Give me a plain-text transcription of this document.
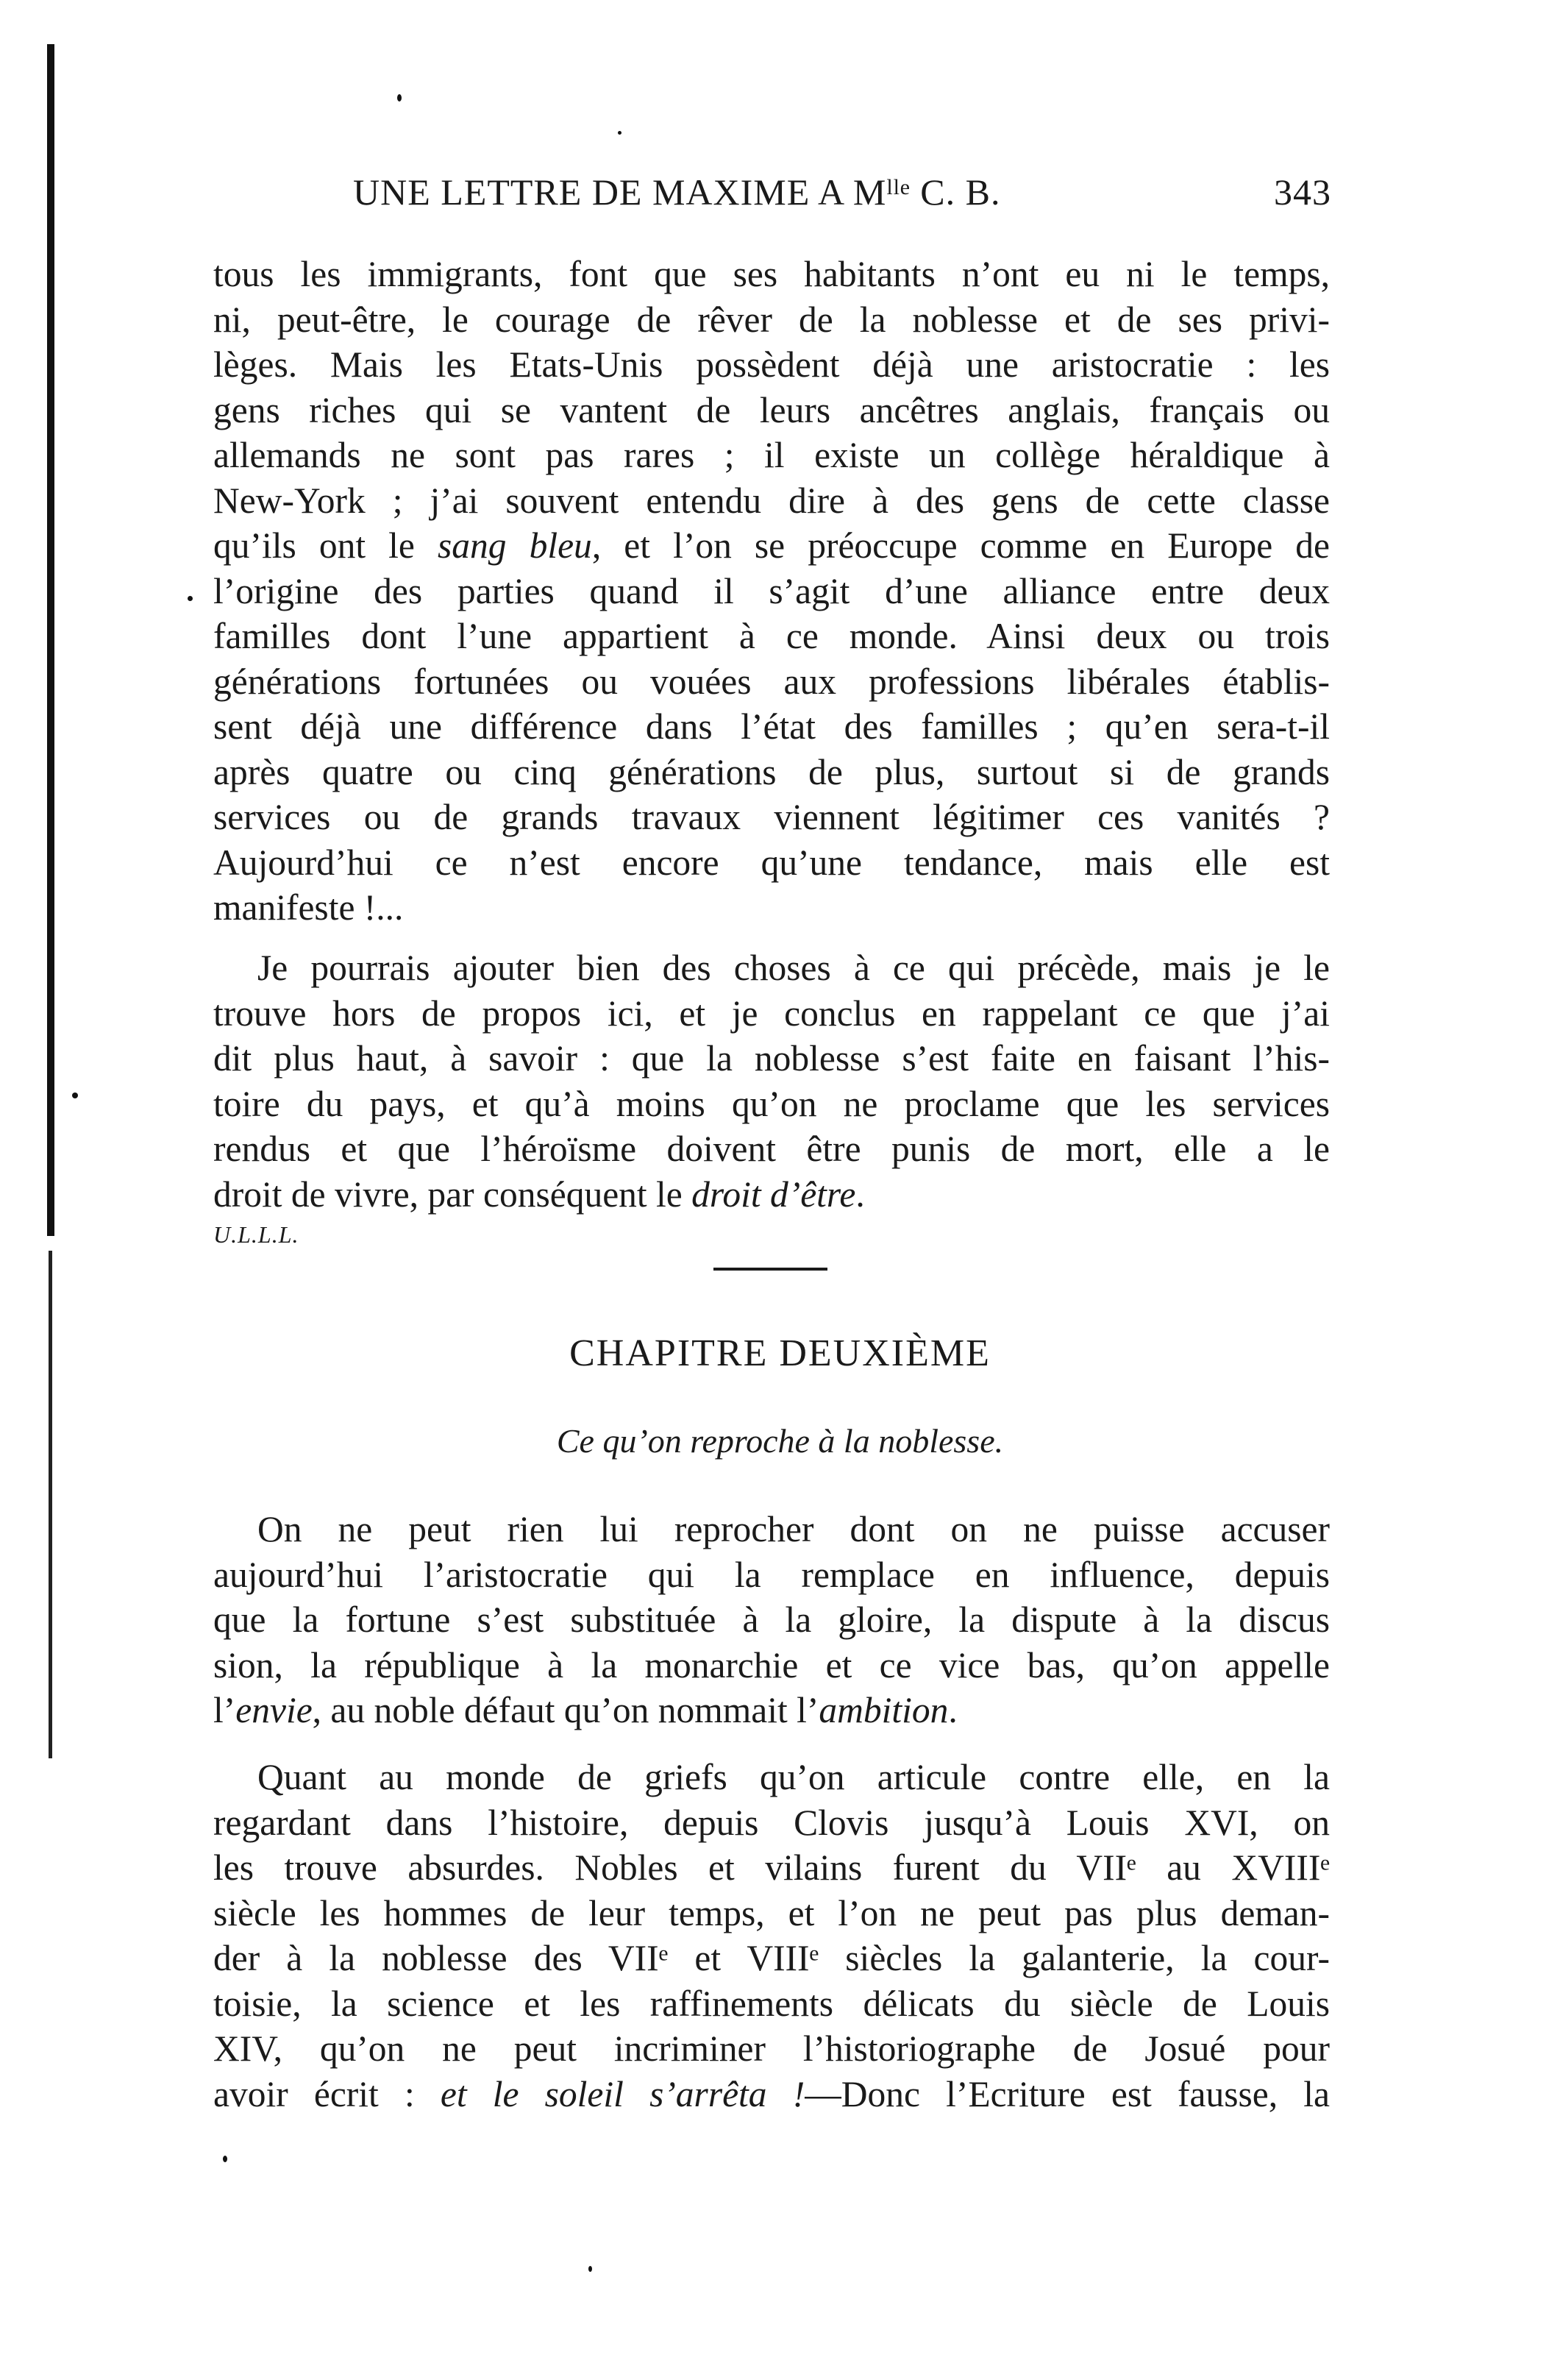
UNE LETTRE DE MAXIME A Mˡˡᵉ C. B.	343
tous les immigrants, font que ses habitants n’ont eu ni le temps,
ni, peut-être, le courage de rêver de la noblesse et de ses privi-
lèges. Mais les Etats-Unis possèdent déjà une aristocratie : les
gens riches qui se vantent de leurs ancêtres anglais, français ou
allemands ne sont pas rares ; il existe un collège héraldique à
New-York ; j’ai souvent entendu dire à des gens de cette classe
qu’ils ont le sang bleu, et l’on se préoccupe comme en Europe de
l’origine des parties quand il s’agit d’une alliance entre deux
familles dont l’une appartient à ce monde. Ainsi deux ou trois
générations fortunées ou vouées aux professions libérales établis-
sent déjà une différence dans l’état des familles ; qu’en sera-t-il
après quatre ou cinq générations de plus, surtout si de grands
services ou de grands travaux viennent légitimer ces vanités ?
Aujourd’hui ce n’est encore qu’une tendance, mais elle est
manifeste !...
Je pourrais ajouter bien des choses à ce qui précède, mais je le
trouve hors de propos ici, et je conclus en rappelant ce que j’ai
dit plus haut, à savoir : que la noblesse s’est faite en faisant l’his-
toire du pays, et qu’à moins qu’on ne proclame que les services
rendus et que l’héroïsme doivent être punis de mort, elle a le
droit de vivre, par conséquent le droit d’être.
U.L.L.L.
CHAPITRE DEUXIÈME
Ce qu’on reproche à la noblesse.
On ne peut rien lui reprocher dont on ne puisse accuser
aujourd’hui l’aristocratie qui la remplace en influence, depuis
que la fortune s’est substituée à la gloire, la dispute à la discus
sion, la république à la monarchie et ce vice bas, qu’on appelle
l’envie, au noble défaut qu’on nommait l’ambition.
Quant au monde de griefs qu’on articule contre elle, en la
regardant dans l’histoire, depuis Clovis jusqu’à Louis XVI, on
les trouve absurdes. Nobles et vilains furent du VIIᵉ au XVIIIᵉ
siècle les hommes de leur temps, et l’on ne peut pas plus deman-
der à la noblesse des VIIᵉ et VIIIᵉ siècles la galanterie, la cour-
toisie, la science et les raffinements délicats du siècle de Louis
XIV, qu’on ne peut incriminer l’historiographe de Josué pour
avoir écrit : et le soleil s’arrêta !—Donc l’Ecriture est fausse, la
